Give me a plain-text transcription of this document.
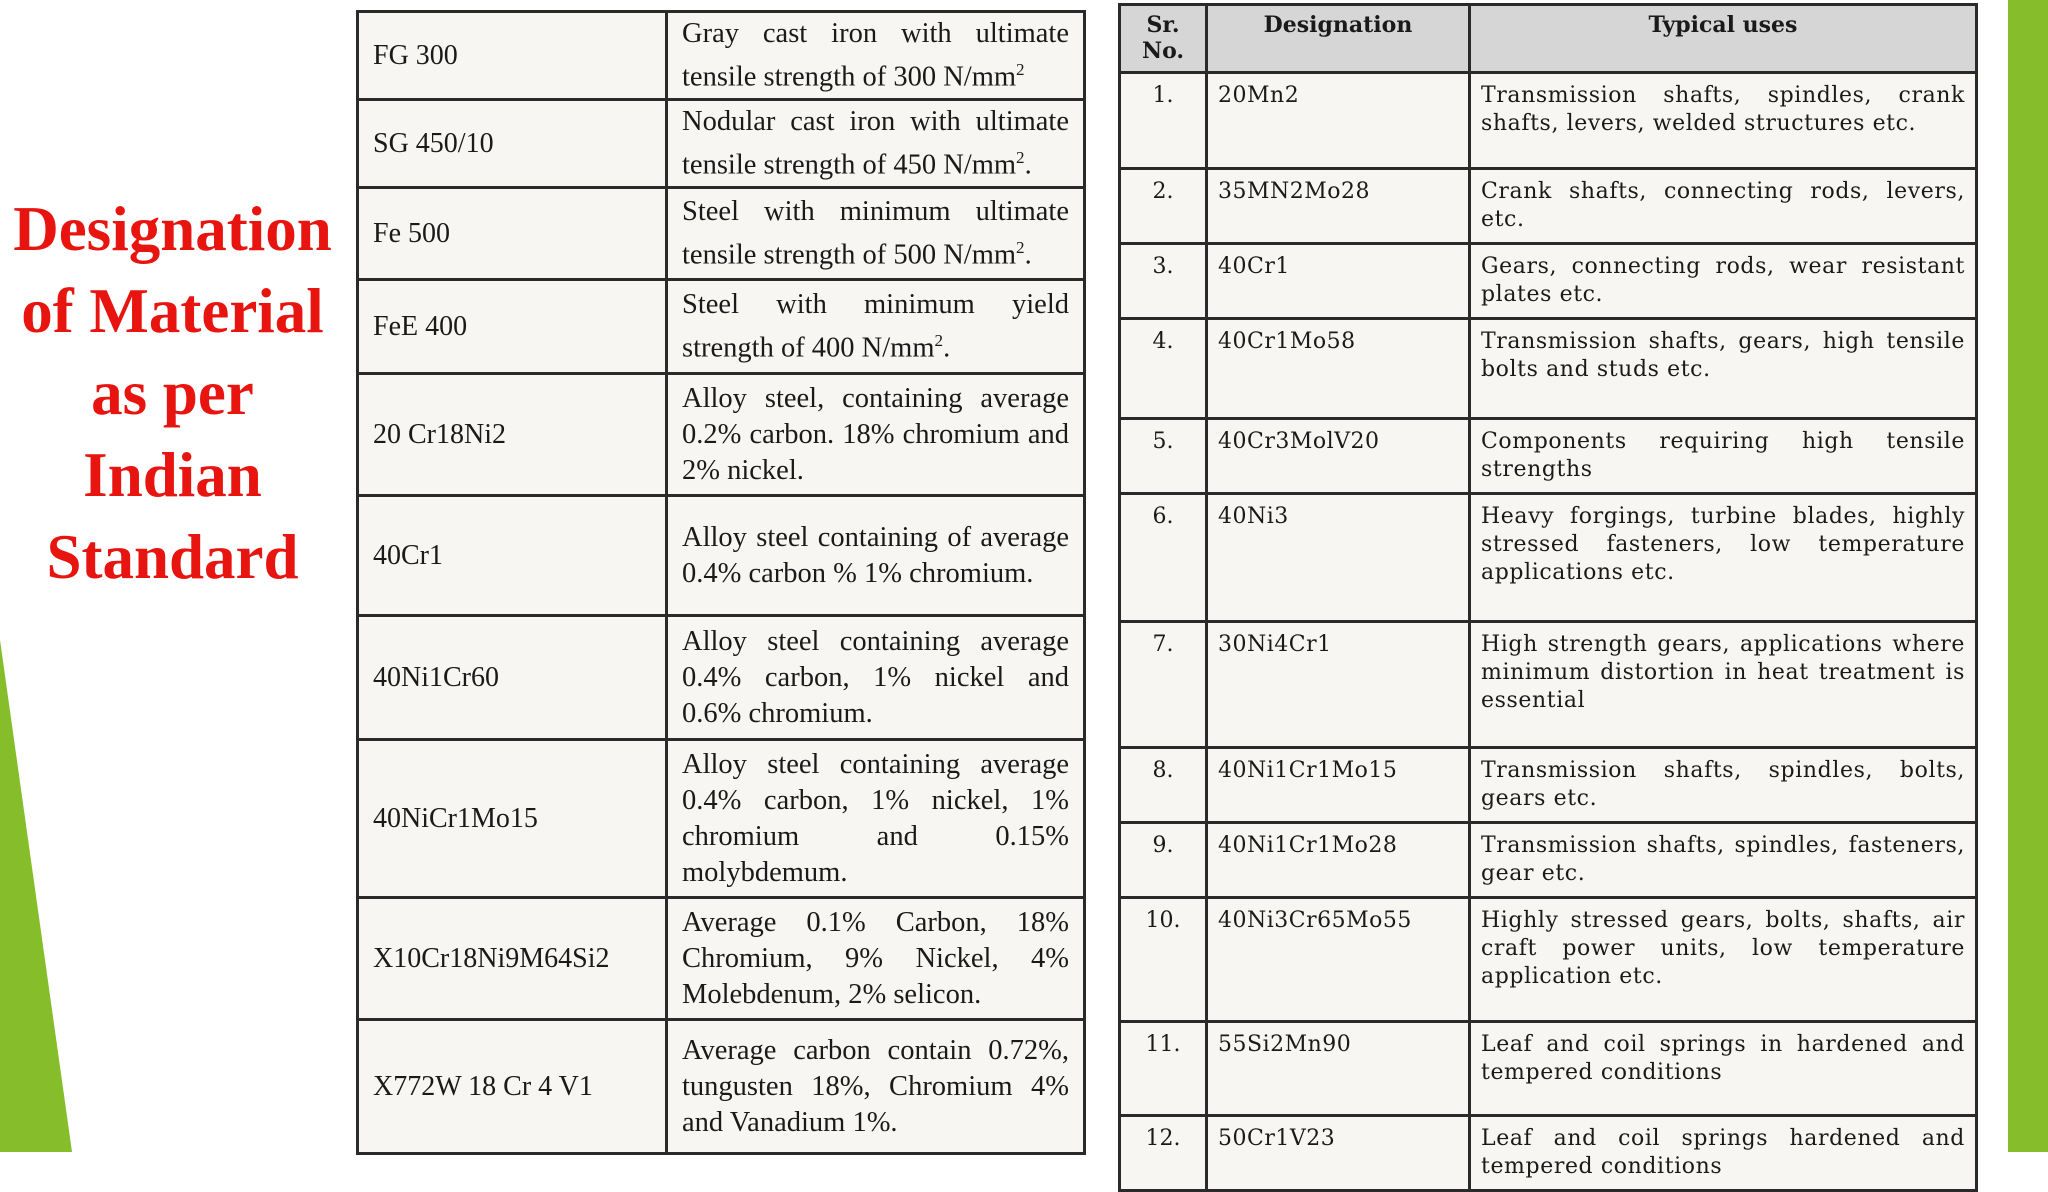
Designation
of Material
as per
Indian
Standard
FG 300	Gray cast iron with ultimate tensile strength of 300 $N/mm^2$
SG 450/10	Nodular cast iron with ultimate tensile strength of 450 $N/mm^2$.
Fe 500	Steel with minimum ultimate tensile strength of 500 $N/mm^2$.
FeE 400	Steel with minimum yield strength of 400 $N/mm^2$.
20 Cr18Ni2	Alloy steel, containing average 0.2% carbon. 18% chromium and 2% nickel.
40Cr1	Alloy steel containing of average 0.4% carbon % 1% chromium.
40Ni1Cr60	Alloy steel containing average 0.4% carbon, 1% nickel and 0.6% chromium.
40NiCr1Mo15	Alloy steel containing average 0.4% carbon, 1% nickel, 1% chromium and 0.15% molybdemum.
X10Cr18Ni9M64Si2	Average 0.1% Carbon, 18% Chromium, 9% Nickel, 4% Molebdenum, 2% selicon.
X772W 18 Cr 4 V1	Average carbon contain 0.72%, tungusten 18%, Chromium 4% and Vanadium 1%.
Sr. No.	Designation	Typical uses
1.	20Mn2	Transmission shafts, spindles, crank shafts, levers, welded structures etc.
2.	35MN2Mo28	Crank shafts, connecting rods, levers, etc.
3.	40Cr1	Gears, connecting rods, wear resistant plates etc.
4.	40Cr1Mo58	Transmission shafts, gears, high tensile bolts and studs etc.
5.	40Cr3MolV20	Components requiring high tensile strengths
6.	40Ni3	Heavy forgings, turbine blades, highly stressed fasteners, low temperature applications etc.
7.	30Ni4Cr1	High strength gears, applications where minimum distortion in heat treatment is essential
8.	40Ni1Cr1Mo15	Transmission shafts, spindles, bolts, gears etc.
9.	40Ni1Cr1Mo28	Transmission shafts, spindles, fasteners, gear etc.
10.	40Ni3Cr65Mo55	Highly stressed gears, bolts, shafts, air craft power units, low temperature application etc.
11.	55Si2Mn90	Leaf and coil springs in hardened and tempered conditions
12.	50Cr1V23	Leaf and coil springs hardened and tempered conditions
